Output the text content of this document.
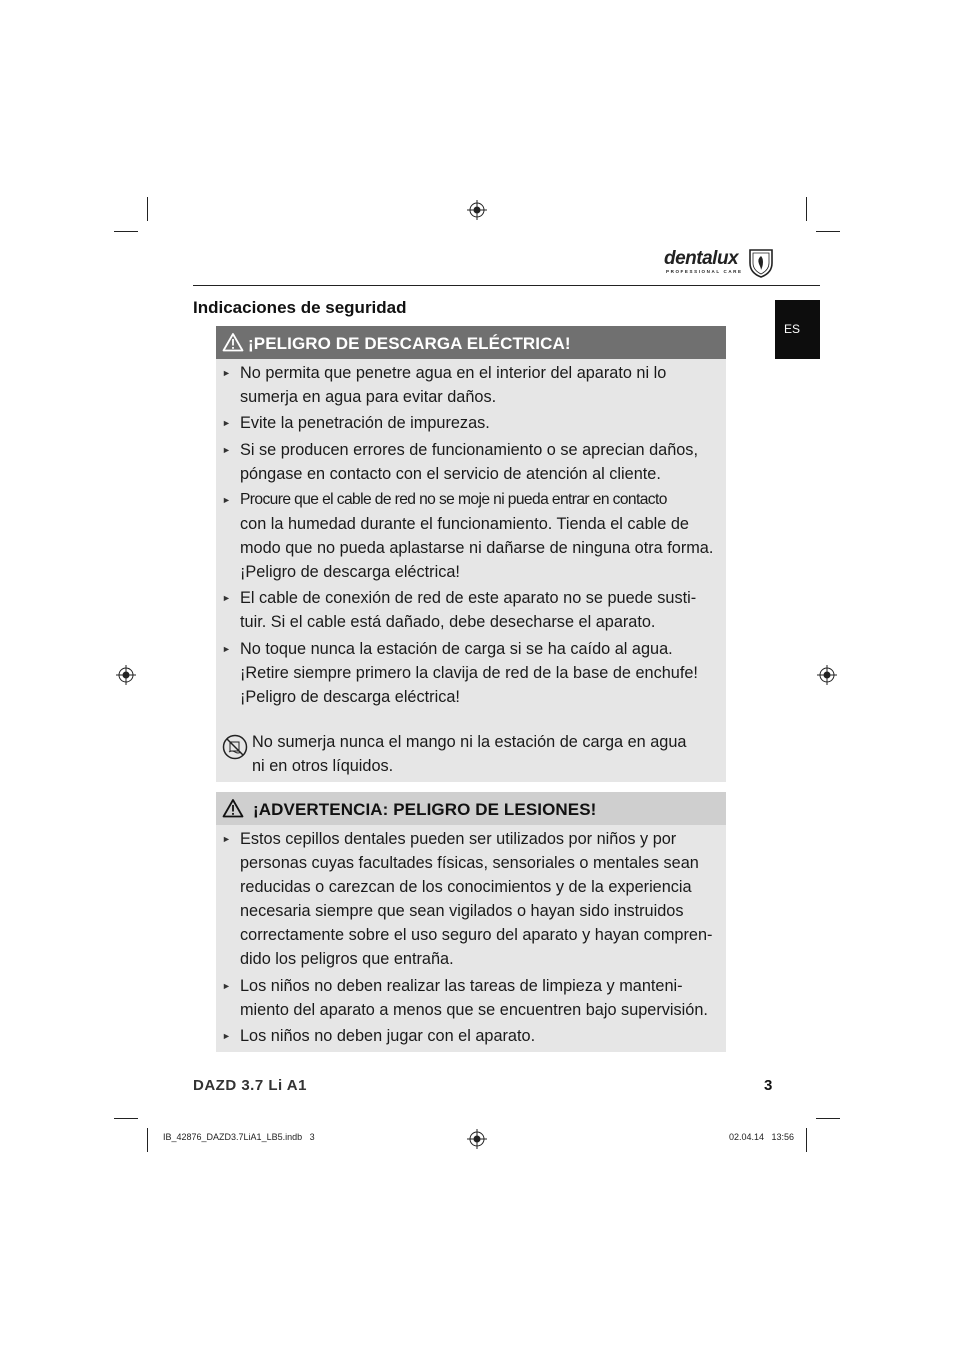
dentalux
PROFESSIONAL CARE
ES
Indicaciones de seguridad
¡PELIGRO DE DESCARGA ELÉCTRICA!
► No permita que penetre agua en el interior del aparato ni lo
sumerja en agua para evitar daños.
► Evite la penetración de impurezas.
► Si se producen errores de funcionamiento o se aprecian daños,
póngase en contacto con el servicio de atención al cliente.
► Procure que el cable de red no se moje ni pueda entrar en contacto
con la humedad durante el funcionamiento. Tienda el cable de
modo que no pueda aplastarse ni dañarse de ninguna otra forma.
¡Peligro de descarga eléctrica!
► El cable de conexión de red de este aparato no se puede susti-
tuir. Si el cable está dañado, debe desecharse el aparato.
► No toque nunca la estación de carga si se ha caído al agua.
¡Retire siempre primero la clavija de red de la base de enchufe!
¡Peligro de descarga eléctrica!
No sumerja nunca el mango ni la estación de carga en agua
ni en otros líquidos.
¡ADVERTENCIA: PELIGRO DE LESIONES!
► Estos cepillos dentales pueden ser utilizados por niños y por
personas cuyas facultades físicas, sensoriales o mentales sean
reducidas o carezcan de los conocimientos y de la experiencia
necesaria siempre que sean vigilados o hayan sido instruidos
correctamente sobre el uso seguro del aparato y hayan compren-
dido los peligros que entraña.
► Los niños no deben realizar las tareas de limpieza y manteni-
miento del aparato a menos que se encuentren bajo supervisión.
► Los niños no deben jugar con el aparato.
DAZD 3.7 Li A1	3
IB_42876_DAZD3.7LiA1_LB5.indb   3	02.04.14   13:56
